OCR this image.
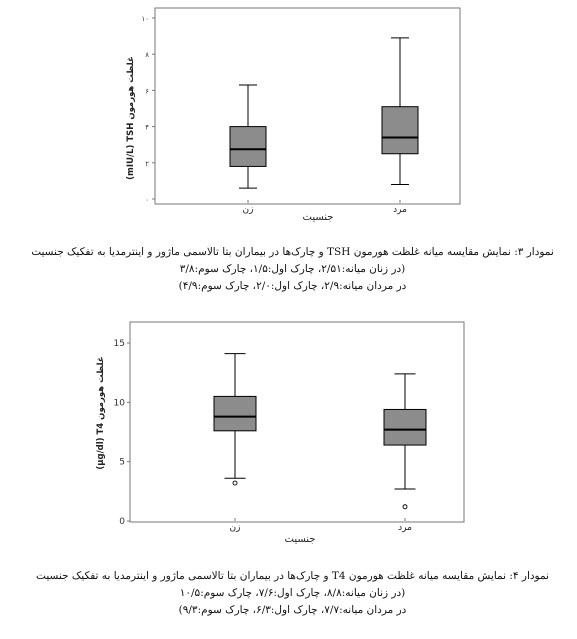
۰
۲
۴
۶
۸
۱۰
زن	مرد
(mIU/L) TSH غلظت هورمون
جنسیت
نمودار ۳: نمایش مقایسه میانه غلظت هورمون TSH و چارک‌ها در بیماران بتا تالاسمی ماژور و اینترمدیا به تفکیک جنسیت
(در زنان میانه:۲/۵۱، چارک اول:۱/۵، چارک سوم:۳/۸
در مردان میانه:۲/۹، چارک اول:۲/۰، چارک سوم:۴/۹)
0
5
10
15
زن	مرد
(μg/dl) T4 غلظت هورمون
جنسیت
نمودار ۴: نمایش مقایسه میانه غلظت هورمون T4 و چارک‌ها در بیماران بتا تالاسمی ماژور و اینترمدیا به تفکیک جنسیت
(در زنان میانه:۸/۸، چارک اول:۷/۶، چارک سوم:۱۰/۵
در مردان میانه:۷/۷، چارک اول:۶/۳، چارک سوم:۹/۳)
